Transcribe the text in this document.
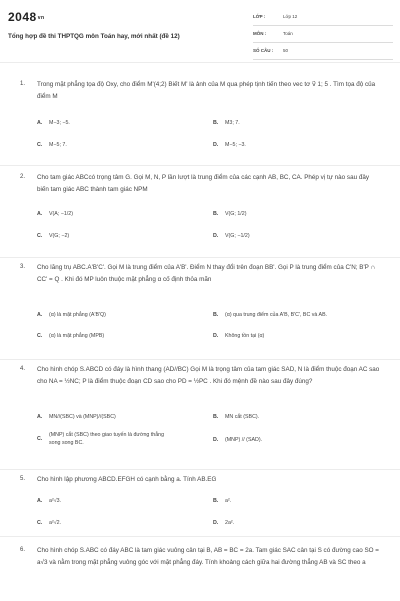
2048vn
Tổng hợp đề thi THPTQG môn Toán hay, mới nhất (đề 12)
LỚP :	Lớp 12
MÔN :	Toán
SỐ CÂU : 50
1. Trong mặt phẳng tọa độ Oxy, cho điểm M'(4;2) Biết M' là ảnh của M qua phép tịnh tiến theo vec tơ v⃗ 1; 5 . Tìm tọa độ của điểm M
A. M−3; −5.	B. M3; 7.
C. M−5; 7.	D. M−5; −3.
2. Cho tam giác ABCcó trọng tâm G. Gọi M, N, P lần lượt là trung điểm của các cạnh AB, BC, CA. Phép vị tự nào sau đây biến tam giác ABC thành tam giác NPM
A. V(A; −1/2)	B. V(G; 1/2)
C. V(G; −2)	D. V(G; −1/2)
3. Cho lăng trụ ABC.A'B'C'. Gọi M là trung điểm của A'B'. Điểm N thay đổi trên đoạn BB'. Gọi P là trung điểm của C'N; B'P ∩ CC' = Q . Khi đó MP luôn thuộc mặt phẳng α cố định thỏa mãn
A. (α) là mặt phẳng (A'B'Q)	B. (α) qua trung điểm của A'B, B'C', BC và AB.
C. (α) là mặt phẳng (MPB)	D. Không tồn tại (α)
4. Cho hình chóp S.ABCD có đáy là hình thang (AD//BC) Gọi M là trọng tâm của tam giác SAD, N là điểm thuộc đoạn AC sao cho NA = ½NC; P là điểm thuộc đoạn CD sao cho PD = ½PC . Khi đó mệnh đề nào sau đây đúng?
A. MN//(SBC) và (MNP)//(SBC)	B. MN cắt (SBC).
C.(MNP) cắt (SBC) theo giao tuyến là đường thẳng song song BC.	D. (MNP) // (SAD).
5. Cho hình lập phương ABCD.EFGH có cạnh bằng a. Tính AB.EG
A. a²√3.	B. a².
C. a²√2.	D. 2a².
6. Cho hình chóp S.ABC có đáy ABC là tam giác vuông cân tại B, AB = BC = 2a. Tam giác SAC cân tại S có đường cao SO = a√3 và nằm trong mặt phẳng vuông góc với mặt phẳng đáy. Tính khoảng cách giữa hai đường thẳng AB và SC theo a
